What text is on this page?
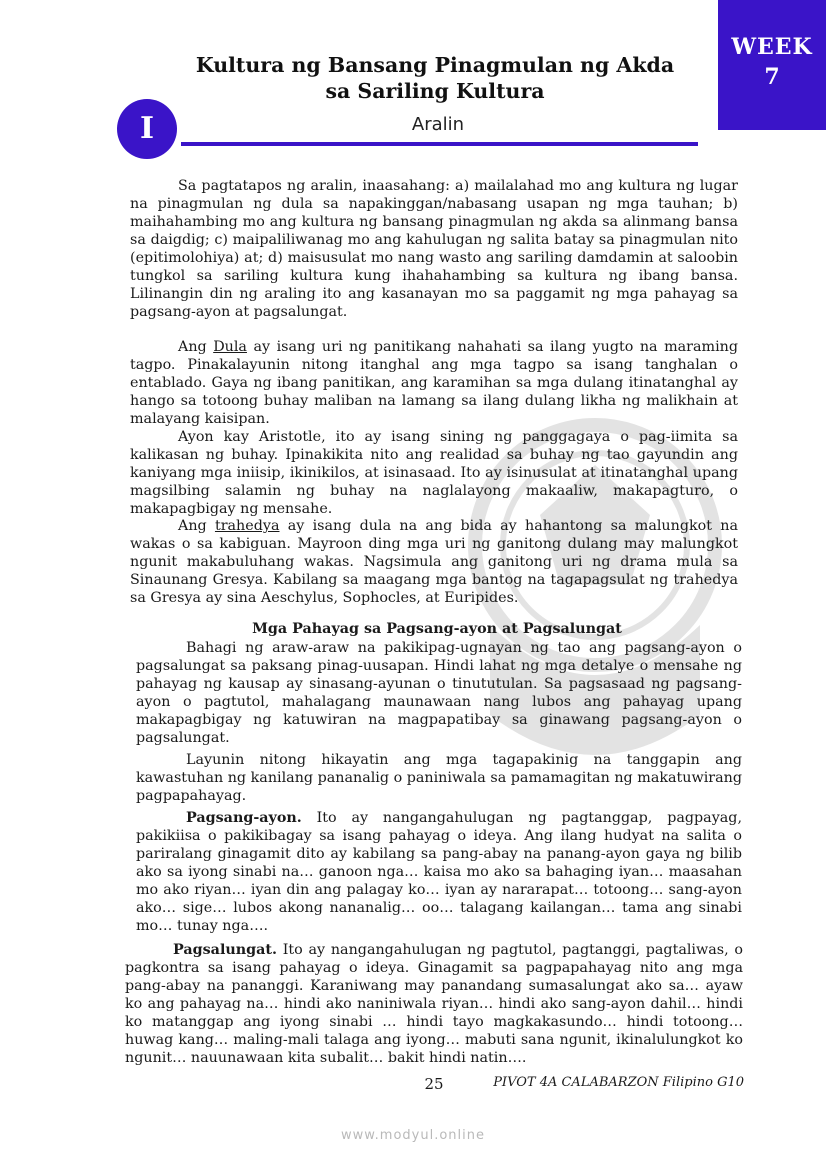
WEEK
7
Kultura ng Bansang Pinagmulan ng Akda
sa Sariling Kultura
I	Aralin

Sa pagtatapos ng aralin, inaasahang: a) mailalahad mo ang kultura ng lugar na pinagmulan ng dula sa napakinggan/nabasang usapan ng mga tauhan; b) maihahambing mo ang kultura ng bansang pinagmulan ng akda sa alinmang bansa sa daigdig; c) maipaliliwanag mo ang kahulugan ng salita batay sa pinagmulan nito (epitimolohiya) at; d) maisusulat mo nang wasto ang sariling damdamin at saloobin tungkol sa sariling kultura kung ihahahambing sa kultura ng ibang bansa. Lilinangin din ng araling ito ang kasanayan mo sa paggamit ng mga pahayag sa pagsang-ayon at pagsalungat.

Ang Dula ay isang uri ng panitikang nahahati sa ilang yugto na maraming tagpo. Pinakalayunin nitong itanghal ang mga tagpo sa isang tanghalan o entablado. Gaya ng ibang panitikan, ang karamihan sa mga dulang itinatanghal ay hango sa totoong buhay maliban na lamang sa ilang dulang likha ng malikhain at malayang kaisipan.

Ayon kay Aristotle, ito ay isang sining ng panggagaya o pag-iimita sa kalikasan ng buhay. Ipinakikita nito ang realidad sa buhay ng tao gayundin ang kaniyang mga iniisip, ikinikilos, at isinasaad. Ito ay isinusulat at itinatanghal upang magsilbing salamin ng buhay na naglalayong makaaliw, makapagturo, o makapagbigay ng mensahe.

Ang trahedya ay isang dula na ang bida ay hahantong sa malungkot na wakas o sa kabiguan. Mayroon ding mga uri ng ganitong dulang may malungkot ngunit makabuluhang wakas. Nagsimula ang ganitong uri ng drama mula sa Sinaunang Gresya. Kabilang sa maagang mga bantog na tagapagsulat ng trahedya sa Gresya ay sina Aeschylus, Sophocles, at Euripides.

Mga Pahayag sa Pagsang-ayon at Pagsalungat

Bahagi ng araw-araw na pakikipag-ugnayan ng tao ang pagsang-ayon o pagsalungat sa paksang pinag-uusapan. Hindi lahat ng mga detalye o mensahe ng pahayag ng kausap ay sinasang-ayunan o tinututulan. Sa pagsasaad ng pagsang-ayon o pagtutol, mahalagang maunawaan nang lubos ang pahayag upang makapagbigay ng katuwiran na magpapatibay sa ginawang pagsang-ayon o pagsalungat.

Layunin nitong hikayatin ang mga tagapakinig na tanggapin ang kawastuhan ng kanilang pananalig o paniniwala sa pamamagitan ng makatuwirang pagpapahayag.

Pagsang-ayon. Ito ay nangangahulugan ng pagtanggap, pagpayag, pakikiisa o pakikibagay sa isang pahayag o ideya. Ang ilang hudyat na salita o pariralang ginagamit dito ay kabilang sa pang-abay na panang-ayon gaya ng bilib ako sa iyong sinabi na… ganoon nga… kaisa mo ako sa bahaging iyan… maasahan mo ako riyan… iyan din ang palagay ko… iyan ay nararapat… totoong… sang-ayon ako… sige… lubos akong nananalig… oo… talagang kailangan… tama ang sinabi mo… tunay nga….

Pagsalungat. Ito ay nangangahulugan ng pagtutol, pagtanggi, pagtaliwas, o pagkontra sa isang pahayag o ideya. Ginagamit sa pagpapahayag nito ang mga pang-abay na pananggi. Karaniwang may panandang sumasalungat ako sa… ayaw ko ang pahayag na… hindi ako naniniwala riyan… hindi ako sang-ayon dahil… hindi ko matanggap ang iyong sinabi … hindi tayo magkakasundo… hindi totoong… huwag kang… maling-mali talaga ang iyong… mabuti sana ngunit, ikinalulungkot ko ngunit… nauunawaan kita subalit… bakit hindi natin….

25	PIVOT 4A CALABARZON Filipino G10
www.modyul.online
